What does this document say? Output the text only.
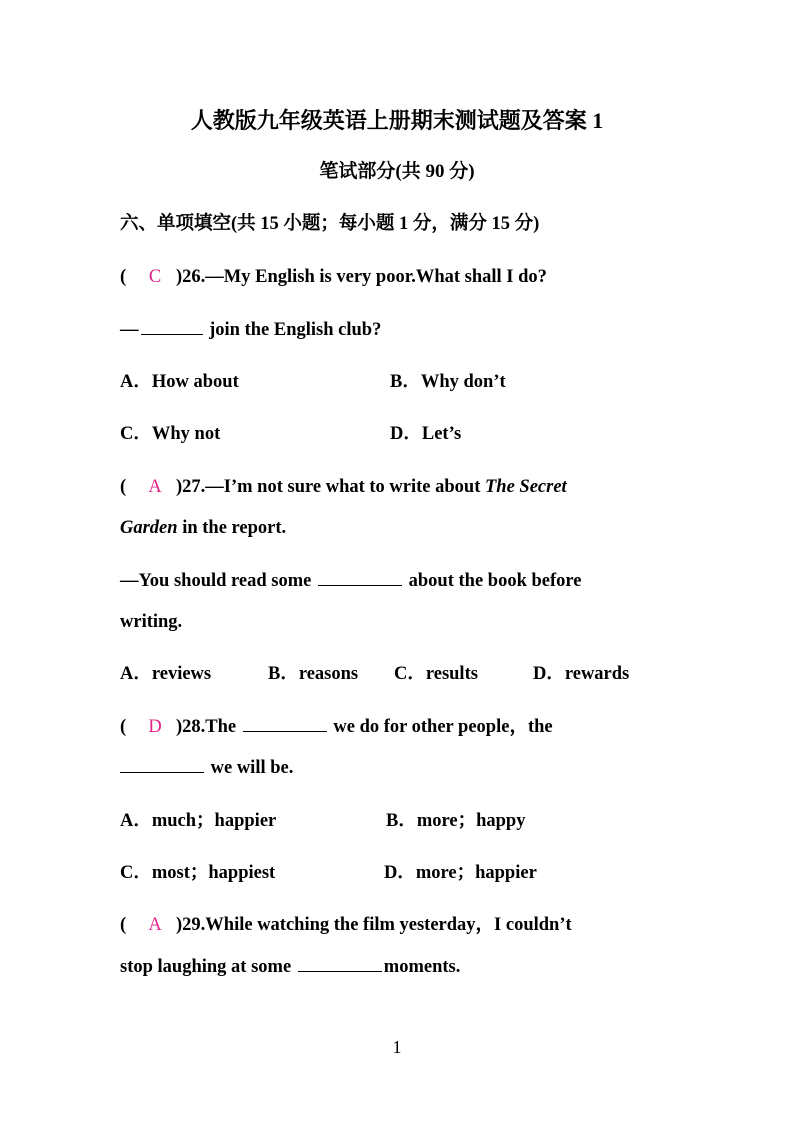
人教版九年级英语上册期末测试题及答案 1
笔试部分(共 90 分)
六、单项填空(共 15 小题；每小题 1 分，满分 15 分)
( C )26.—My English is very poor.What shall I do?
—	join the English club?
A．How about	B．Why don’t
C．Why not	D．Let’s
( A )27.—I’m not sure what to write about The Secret
Garden in the report.
—You should read some	about the book before
writing.
A．reviews	B．reasons C．results	D．rewards
( D )28.The	we do for other people，the
we will be.
A．much；happier	B．more；happy
C．most；happiest	D．more；happier
( A )29.While watching the film yesterday，I couldn’t
stop laughing at some	moments.
1
